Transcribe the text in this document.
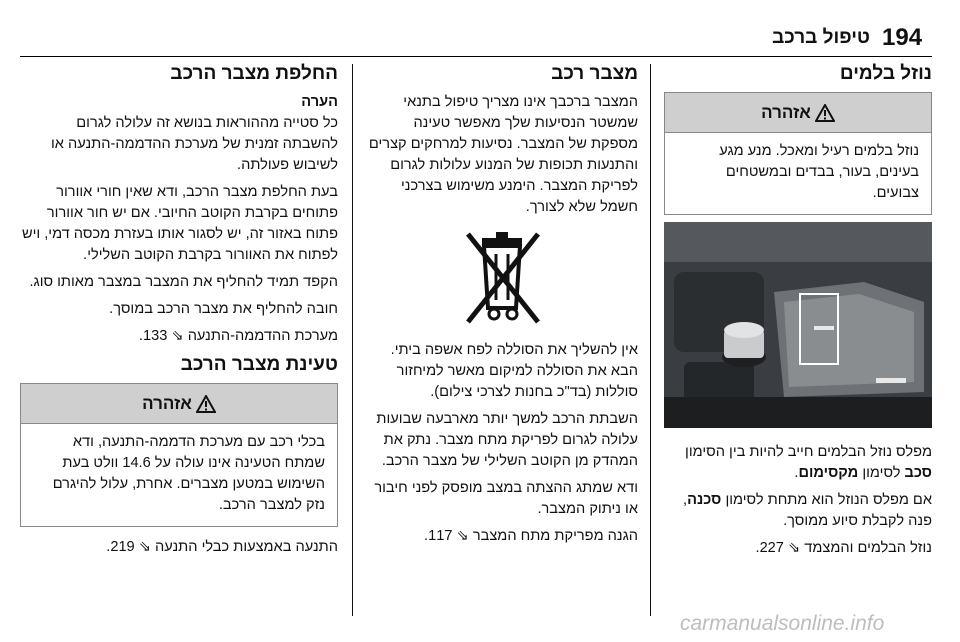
194
טיפול ברכב
נוזל בלמים
אזהרה
נוזל בלמים רעיל ומאכל. מנע מגע בעינים, בעור, בבדים ובמשטחים צבועים.

מפלס נוזל הבלמים חייב להיות בין הסימון סכב לסימון מקסימום.

אם מפלס הנוזל הוא מתחת לסימון סכנה, פנה לקבלת סיוע ממוסך.

נוזל הבלמים והמצמד ⇘ 227.

מצבר רכב

המצבר ברכבך אינו מצריך טיפול בתנאי שמשטר הנסיעות שלך מאפשר טעינה מספקת של המצבר. נסיעות למרחקים קצרים והתנעות תכופות של המנוע עלולות לגרום לפריקת המצבר. הימנע משימוש בצרכני חשמל שלא לצורך.

אין להשליך את הסוללה לפח אשפה ביתי. הבא את הסוללה למיקום מאשר למיחזור סוללות (בד"כ בחנות לצרכי צילום).

השבתת הרכב למשך יותר מארבעה שבועות עלולה לגרום לפריקת מתח מצבר. נתק את המהדק מן הקוטב השלילי של מצבר הרכב.

ודא שמתג ההצתה במצב מופסק לפני חיבור או ניתוק המצבר.

הגנה מפריקת מתח המצבר ⇘ 117.

החלפת מצבר הרכב
הערה

כל סטייה מההוראות בנושא זה עלולה לגרום להשבתה זמנית של מערכת ההדממה-התנעה או לשיבוש פעולתה.

בעת החלפת מצבר הרכב, ודא שאין חורי אוורור פתוחים בקרבת הקוטב החיובי. אם יש חור אוורור פתוח באזור זה, יש לסגור אותו בעזרת מכסה דמי, ויש לפתוח את האוורור בקרבת הקוטב השלילי.

הקפד תמיד להחליף את המצבר במצבר מאותו סוג.

חובה להחליף את מצבר הרכב במוסך.

מערכת ההדממה-התנעה ⇘ 133.

טעינת מצבר הרכב
אזהרה
בכלי רכב עם מערכת הדממה-התנעה, ודא שמתח הטעינה אינו עולה על 14.6 וולט בעת השימוש במטען מצברים. אחרת, עלול להיגרם נזק למצבר הרכב.

התנעה באמצעות כבלי התנעה ⇘ 219.

carmanualsonline.info
